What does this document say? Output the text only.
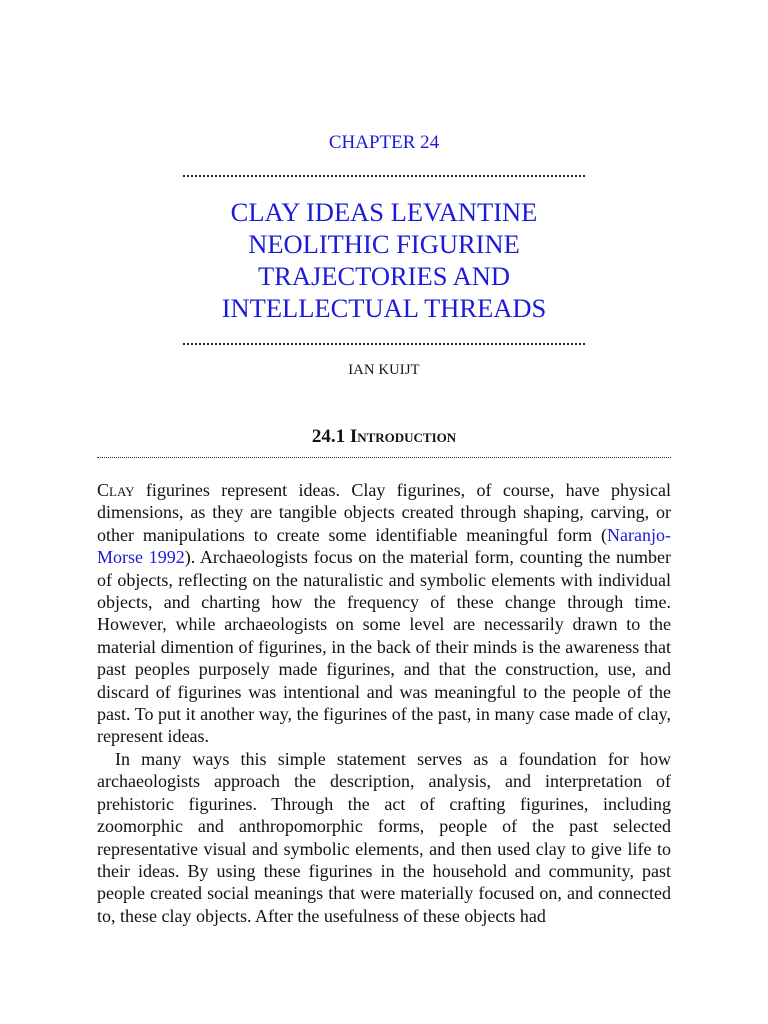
CHAPTER 24
CLAY IDEAS LEVANTINE
NEOLITHIC FIGURINE
TRAJECTORIES AND
INTELLECTUAL THREADS
IAN KUIJT
24.1 Introduction

Clay figurines represent ideas. Clay figurines, of course, have physical dimensions, as they are tangible objects created through shaping, carving, or other manipulations to create some identifiable meaningful form (Naranjo-Morse 1992). Archaeologists focus on the material form, counting the number of objects, reflecting on the naturalistic and symbolic elements with individual objects, and charting how the frequency of these change through time. However, while archaeologists on some level are necessarily drawn to the material dimention of figurines, in the back of their minds is the awareness that past peoples purposely made figurines, and that the construction, use, and discard of figurines was intentional and was meaningful to the people of the past. To put it another way, the figurines of the past, in many case made of clay, represent ideas.

In many ways this simple statement serves as a foundation for how archaeologists approach the description, analysis, and interpretation of prehistoric figurines. Through the act of crafting figurines, including zoomorphic and anthropomorphic forms, people of the past selected representative visual and symbolic elements, and then used clay to give life to their ideas. By using these figurines in the household and community, past people created social meanings that were materially focused on, and connected to, these clay objects. After the usefulness of these objects had
